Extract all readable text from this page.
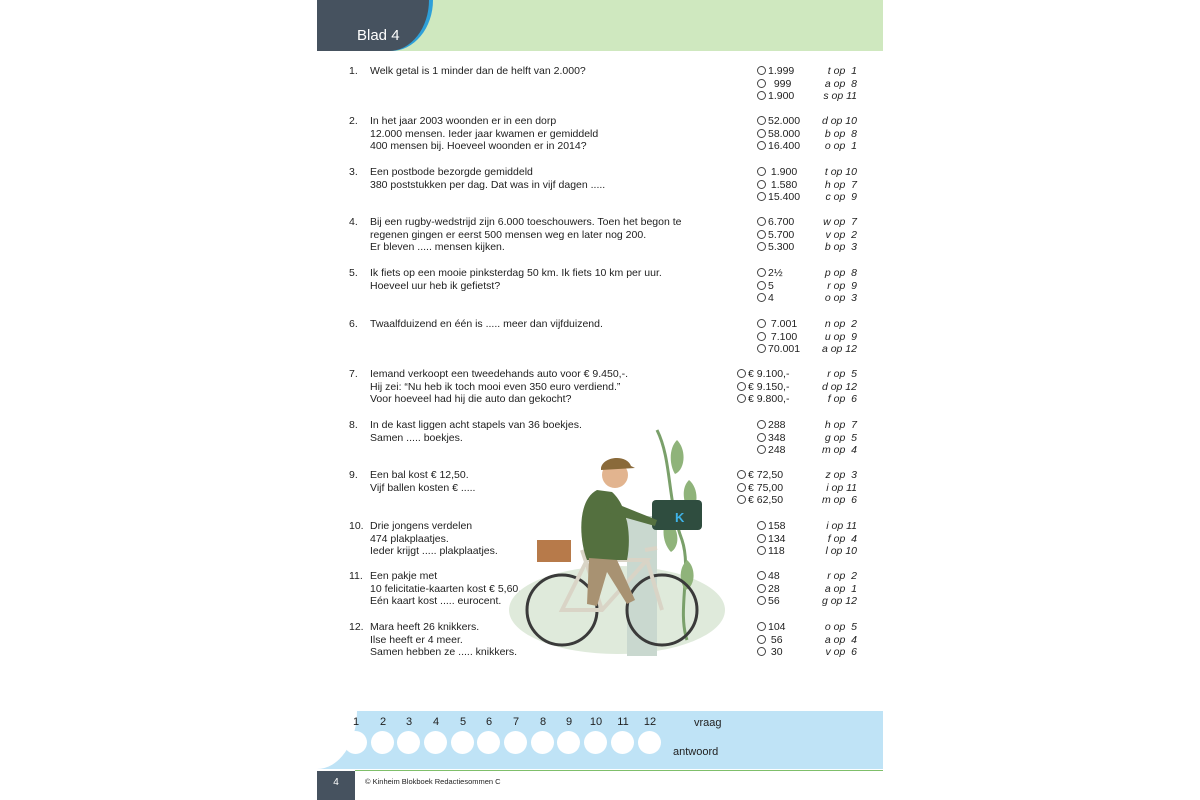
Blad 4
1.	Welk getal is 1 minder dan de helft van 2.000?	1.999	t op  1
999	a op  8
1.900	s op 11
2.	In het jaar 2003 woonden er in een dorp
12.000 mensen. Ieder jaar kwamen er gemiddeld
400 mensen bij. Hoeveel woonden er in 2014?
52.000	d op 10
58.000	b op  8
16.400	o op  1
3.	Een postbode bezorgde gemiddeld
380 poststukken per dag. Dat was in vijf dagen .....
1.900	t op 10
1.580	h op  7
15.400	c op  9
4.	Bij een rugby-wedstrijd zijn 6.000 toeschouwers. Toen het begon te
regenen gingen er eerst 500 mensen weg en later nog 200.
Er bleven ..... mensen kijken.
6.700	w op  7
5.700	v op  2
5.300	b op  3
5.	Ik fiets op een mooie pinksterdag 50 km. Ik fiets 10 km per uur.
Hoeveel uur heb ik gefietst?
2½	p op  8
5	r op  9
4	o op  3
6.	Twaalfduizend en één is ..... meer dan vijfduizend.	7.001	n op  2
7.100	u op  9
70.001	a op 12
7.	Iemand verkoopt een tweedehands auto voor € 9.450,-.
Hij zei: “Nu heb ik toch mooi even 350 euro verdiend.”
Voor hoeveel had hij die auto dan gekocht?
€ 9.100,-	r op  5
€ 9.150,-	d op 12
€ 9.800,-	f op  6
8.	In de kast liggen acht stapels van 36 boekjes.
Samen ..... boekjes.
288	h op  7
348	g op  5
248	m op  4
9.	Een bal kost € 12,50.
Vijf ballen kosten € .....
€ 72,50	z op  3
€ 75,00	i op 11
€ 62,50	m op  6
10. Drie jongens verdelen
474 plakplaatjes.
Ieder krijgt ..... plakplaatjes.
158	i op 11
134	f op  4
118	l op 10
11. Een pakje met
10 felicitatie-kaarten kost € 5,60.
Eén kaart kost ..... eurocent.
48	r op  2
28	a op  1
56	g op 12
12. Mara heeft 26 knikkers.
Ilse heeft er 4 meer.
Samen hebben ze ..... knikkers.
104	o op  5
56	a op  4
30	v op  6
K
1	2	3	4	5	6	7	8	9	10	11	12	vraag
antwoord
4	© Kinheim Blokboek Redactiesommen C
